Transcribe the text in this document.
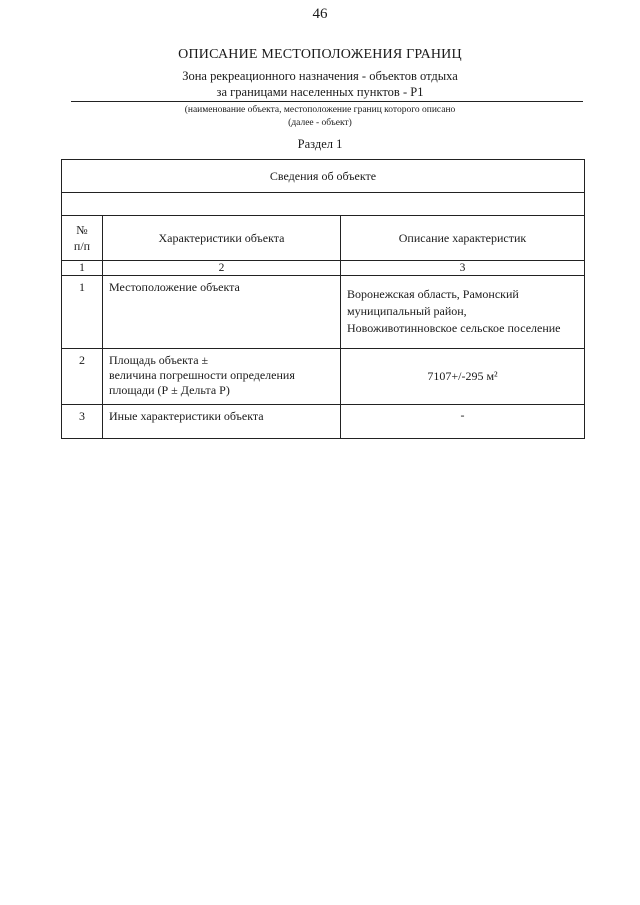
46
ОПИСАНИЕ МЕСТОПОЛОЖЕНИЯ ГРАНИЦ
Зона рекреационного назначения - объектов отдыха
за границами населенных пунктов - Р1
(наименование объекта, местоположение границ которого описано
(далее - объект)
Раздел 1
Сведения об объекте		

№
п/п	Характеристики объекта	Описание характеристик
1	2	3
1	Местоположение объекта	Воронежская область, Рамонский
муниципальный район,
Новоживотинновское сельское поселение

2	Площадь объекта ±
величина погрешности определения
площади (Р ± Дельта Р)	7107+/-295 м²
3	Иные характеристики объекта	-
